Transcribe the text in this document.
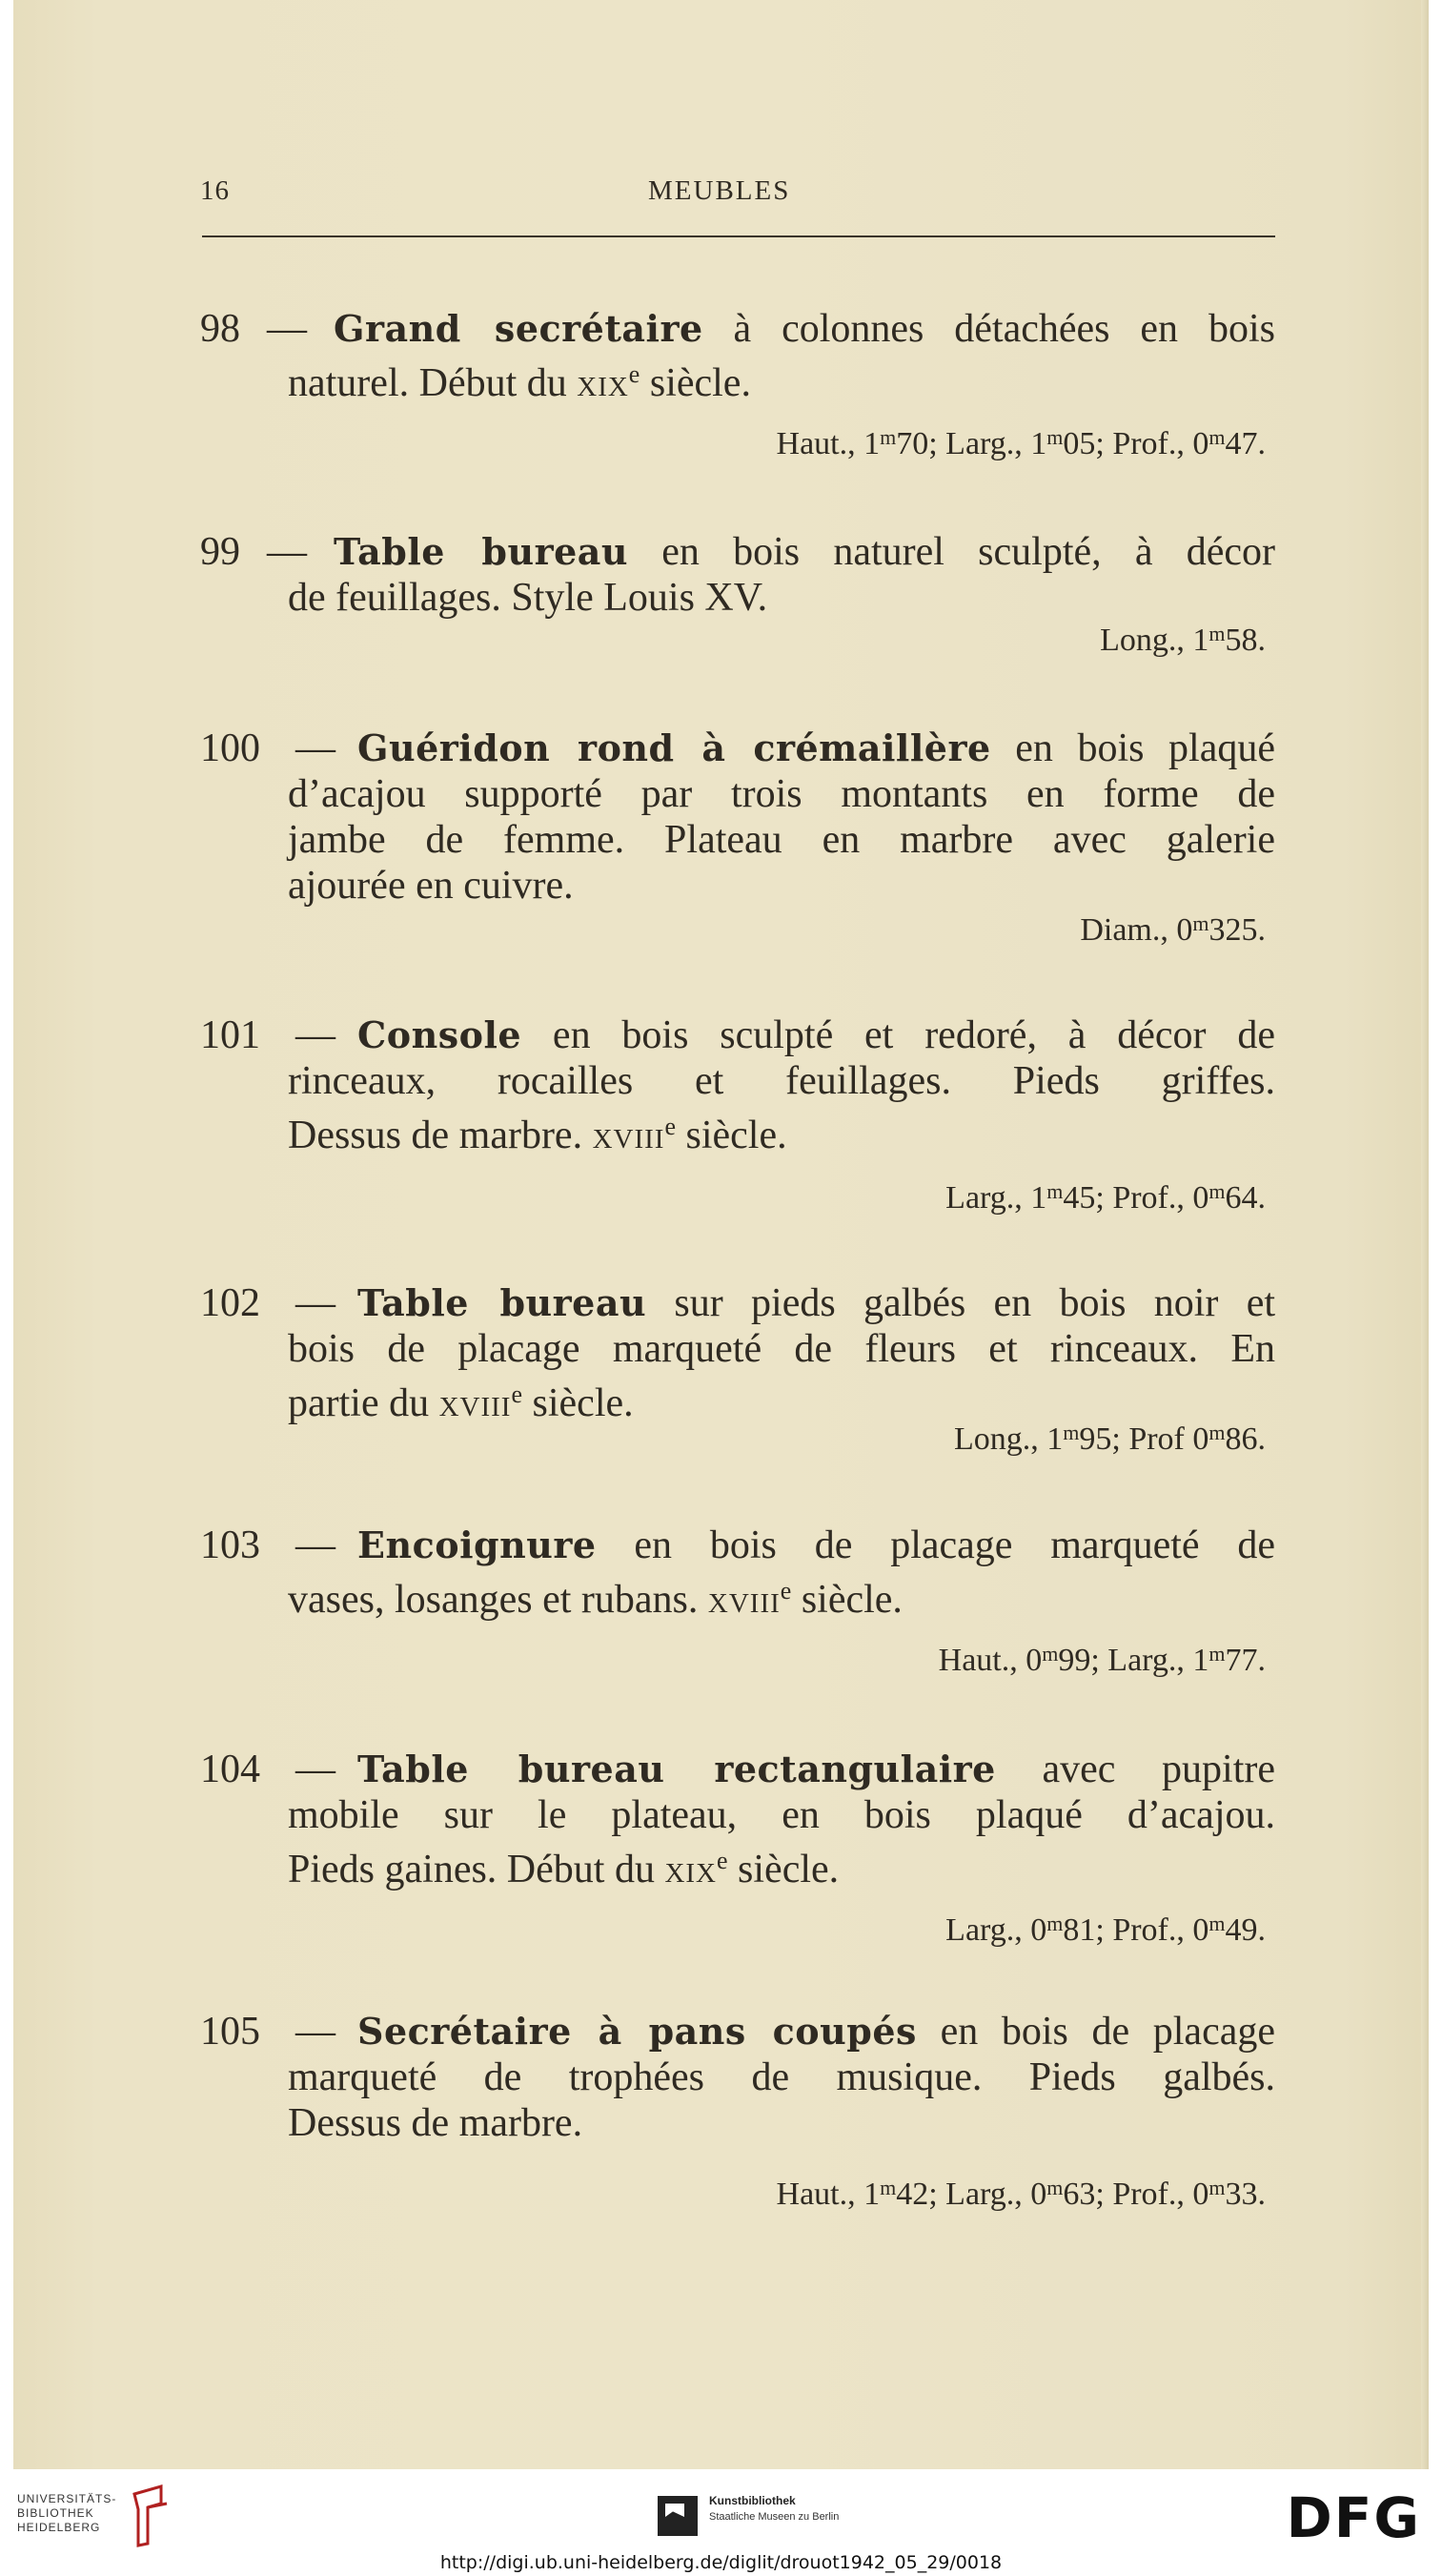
16	MEUBLES
98 — Grand secrétaire à colonnes détachées en bois
naturel. Début du xix$^e$ siècle.
Haut., 1$^m$70; Larg., 1$^m$05; Prof., 0$^m$47.
99 — Table bureau en bois naturel sculpté, à décor
de feuillages. Style Louis XV.
Long., 1$^m$58.
100 — Guéridon rond à crémaillère en bois plaqué
d’acajou supporté par trois montants en forme de
jambe de femme. Plateau en marbre avec galerie
ajourée en cuivre.
Diam., 0$^m$325.
101 — Console en bois sculpté et redoré, à décor de
rinceaux, rocailles et feuillages. Pieds griffes.
Dessus de marbre. xviii$^e$ siècle.
Larg., 1$^m$45; Prof., 0$^m$64.
102 — Table bureau sur pieds galbés en bois noir et
bois de placage marqueté de fleurs et rinceaux. En
partie du xviii$^e$ siècle.
Long., 1$^m$95; Prof 0$^m$86.
103 — Encoignure en bois de placage marqueté de
vases, losanges et rubans. xviii$^e$ siècle.
Haut., 0$^m$99; Larg., 1$^m$77.
104 — Table bureau rectangulaire avec pupitre
mobile sur le plateau, en bois plaqué d’acajou.
Pieds gaines. Début du xix$^e$ siècle.
Larg., 0$^m$81; Prof., 0$^m$49.
105 — Secrétaire à pans coupés en bois de placage
marqueté de trophées de musique. Pieds galbés.
Dessus de marbre.
Haut., 1$^m$42; Larg., 0$^m$63; Prof., 0$^m$33.
UNIVERSITÄTS-
BIBLIOTHEK
HEIDELBERG
Kunstbibliothek
Staatliche Museen zu Berlin	DFG
http://digi.ub.uni-heidelberg.de/diglit/drouot1942_05_29/0018
